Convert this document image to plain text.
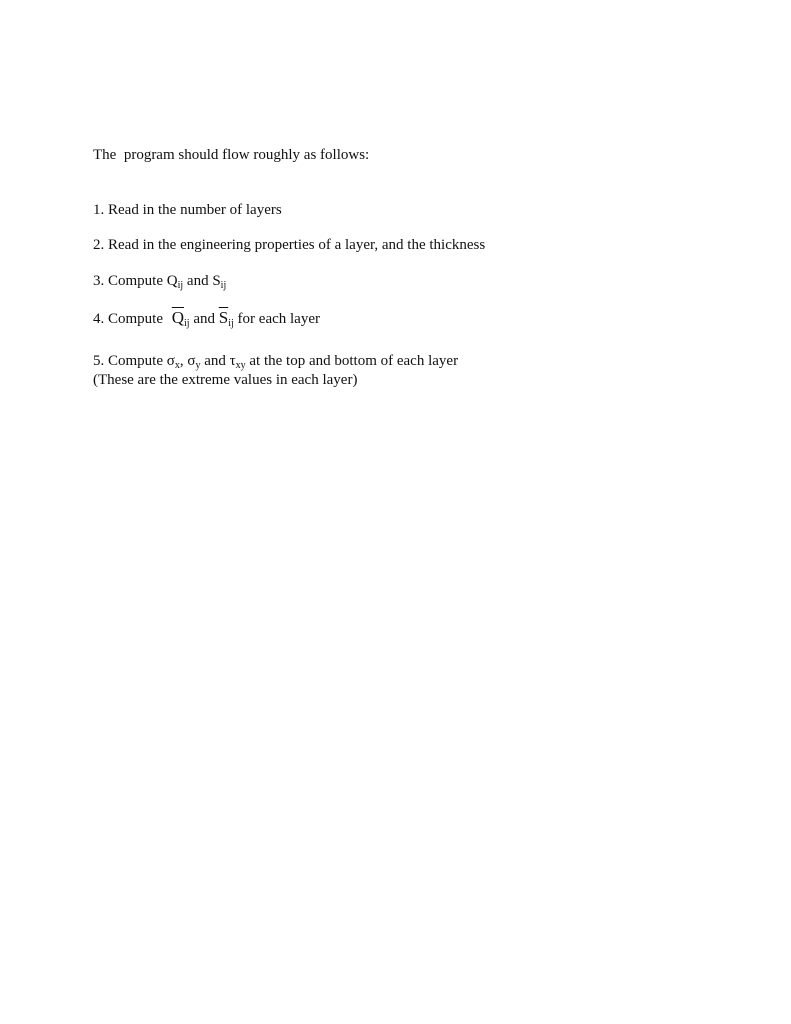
The  program should flow roughly as follows:
1. Read in the number of layers
2. Read in the engineering properties of a layer, and the thickness
3. Compute $Q_{ij}$ and $S_{ij}$
4. Compute $\overline{Q}_{ij}$ and $\overline{S}_{ij}$ for each layer
5. Compute $\sigma_x$, $\sigma_y$ and $\tau_{xy}$ at the top and bottom of each layer
(These are the extreme values in each layer)
